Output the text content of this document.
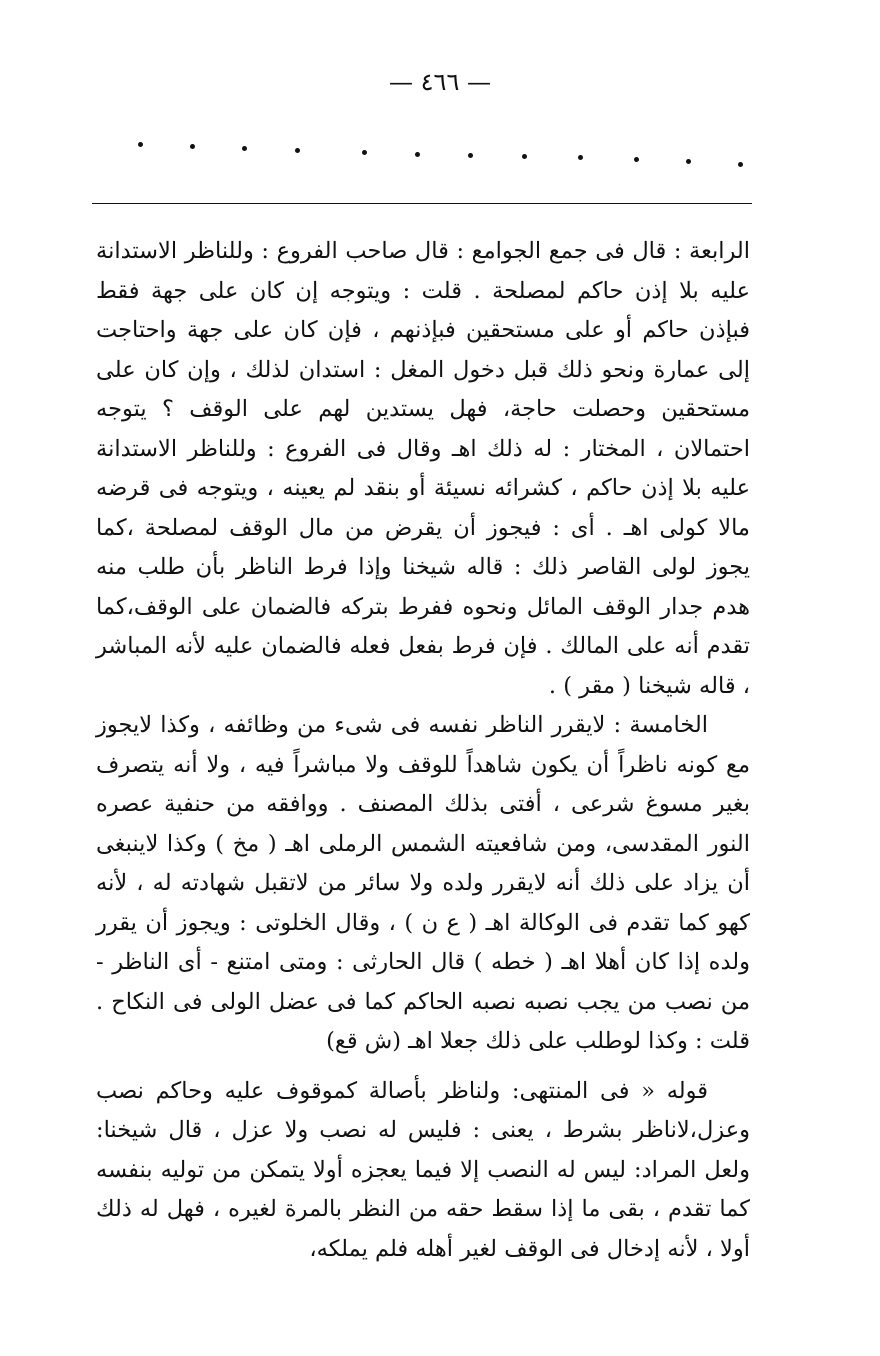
— ٤٦٦ —

الرابعة : قال فى جمع الجوامع : قال صاحب الفروع : وللناظر الاستدانة عليه بلا إذن حاكم لمصلحة . قلت : ويتوجه إن كان على جهة فقط فبإذن حاكم أو على مستحقين فبإذنهم ، فإن كان على جهة واحتاجت إلى عمارة ونحو ذلك قبل دخول المغل : استدان لذلك ، وإن كان على مستحقين وحصلت حاجة، فهل يستدين لهم على الوقف ؟ يتوجه احتمالان ، المختار : له ذلك اهـ وقال فى الفروع : وللناظر الاستدانة عليه بلا إذن حاكم ، كشرائه نسيئة أو بنقد لم يعينه ، ويتوجه فى قرضه مالا كولى اهـ . أى : فيجوز أن يقرض من مال الوقف لمصلحة ،كما يجوز لولى القاصر ذلك : قاله شيخنا وإذا فرط الناظر بأن طلب منه هدم جدار الوقف المائل ونحوه ففرط بتركه فالضمان على الوقف،كما تقدم أنه على المالك . فإن فرط بفعل فعله فالضمان عليه لأنه المباشر ، قاله شيخنا ( مقر ) .

الخامسة : لايقرر الناظر نفسه فى شىء من وظائفه ، وكذا لايجوز مع كونه ناظراً أن يكون شاهداً للوقف ولا مباشراً فيه ، ولا أنه يتصرف بغير مسوغ شرعى ، أفتى بذلك المصنف . ووافقه من حنفية عصره النور المقدسى، ومن شافعيته الشمس الرملى اهـ ( مخ ) وكذا لاينبغى أن يزاد على ذلك أنه لايقرر ولده ولا سائر من لاتقبل شهادته له ، لأنه كهو كما تقدم فى الوكالة اهـ ( ع ن ) ، وقال الخلوتى : ويجوز أن يقرر ولده إذا كان أهلا اهـ ( خطه ) قال الحارثى : ومتى امتنع - أى الناظر - من نصب من يجب نصبه نصبه الحاكم كما فى عضل الولى فى النكاح . قلت : وكذا لوطلب على ذلك جعلا اهـ (ش قع)

قوله « فى المنتهى: ولناظر بأصالة كموقوف عليه وحاكم نصب وعزل،لاناظر بشرط ، يعنى : فليس له نصب ولا عزل ، قال شيخنا: ولعل المراد: ليس له النصب إلا فيما يعجزه أولا يتمكن من توليه بنفسه كما تقدم ، بقى ما إذا سقط حقه من النظر بالمرة لغيره ، فهل له ذلك أولا ، لأنه إدخال فى الوقف لغير أهله فلم يملكه،
